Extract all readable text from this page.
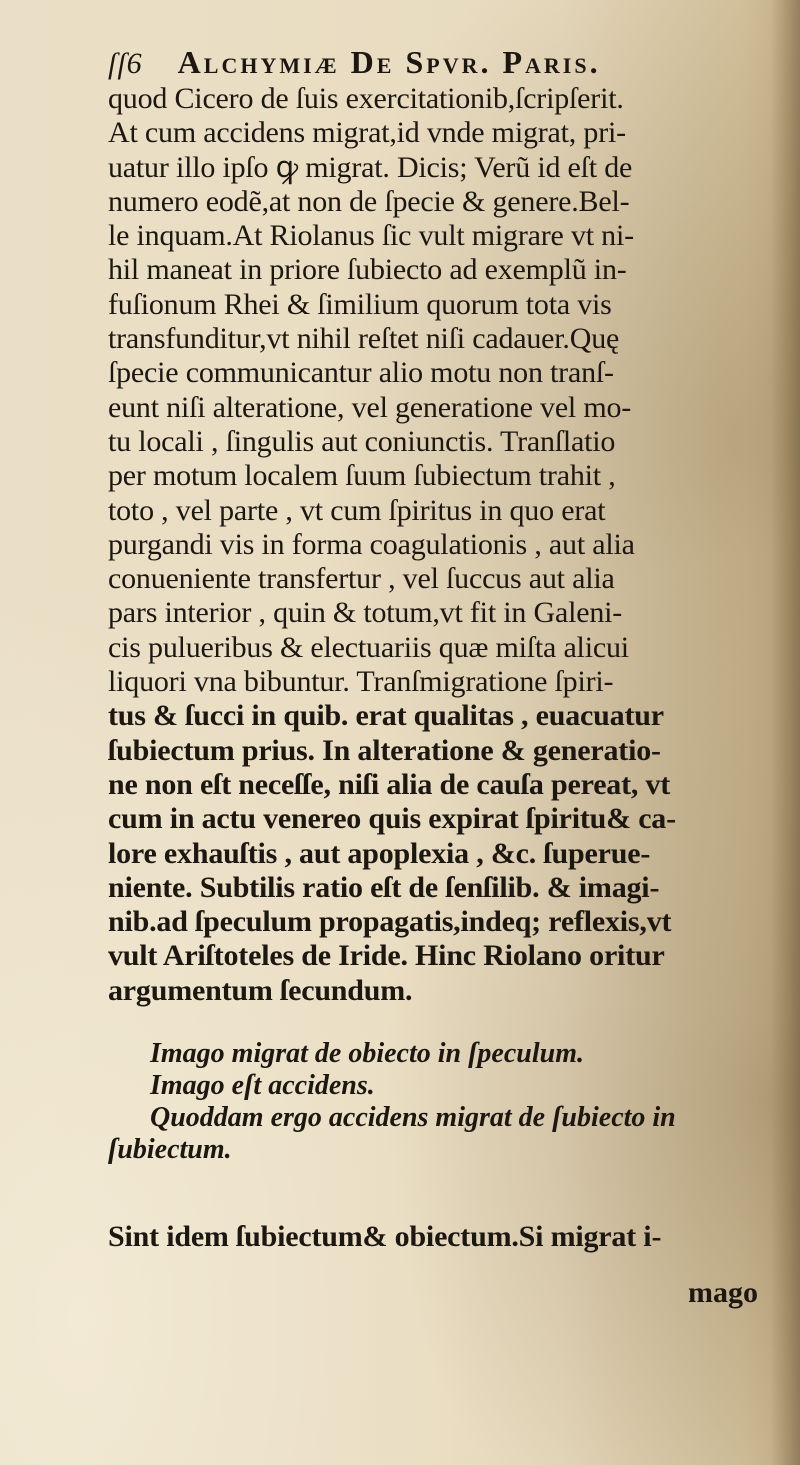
ſſ6 Alchymiæ De Spvr. Paris.
quod Cicero de ſuis exercitationib,ſcripſerit.
At cum accidens migrat,id vnde migrat, pri-
uatur illo ipſo ꝙ migrat. Dicis; Verũ id eſt de
numero eodẽ,at non de ſpecie & genere.Bel-
le inquam.At Riolanus ſic vult migrare vt ni-
hil maneat in priore ſubiecto ad exemplũ in-
fuſionum Rhei & ſimilium quorum tota vis
transfunditur,vt nihil reſtet niſi cadauer.Quę
ſpecie communicantur alio motu non tranſ-
eunt niſi alteratione, vel generatione vel mo-
tu locali , ſingulis aut coniunctis. Tranſlatio
per motum localem ſuum ſubiectum trahit ,
toto , vel parte , vt cum ſpiritus in quo erat
purgandi vis in forma coagulationis , aut alia
conueniente transfertur , vel ſuccus aut alia
pars interior , quin & totum,vt fit in Galeni-
cis pulueribus & electuariis quæ miſta alicui
liquori vna bibuntur. Tranſmigratione ſpiri-
tus & ſucci in quib. erat qualitas , euacuatur
ſubiectum prius. In alteratione & generatio-
ne non eſt neceſſe, niſi alia de cauſa pereat, vt
cum in actu venereo quis expirat ſpiritu& ca-
lore exhauſtis , aut apoplexia , &c. ſuperue-
niente. Subtilis ratio eſt de ſenſilib. & imagi-
nib.ad ſpeculum propagatis,indeq; reflexis,vt
vult Ariſtoteles de Iride. Hinc Riolano oritur
argumentum ſecundum.
Imago migrat de obiecto in ſpeculum.
Imago eſt accidens.
Quoddam ergo accidens migrat de ſubiecto in
ſubiectum.
Sint idem ſubiectum& obiectum.Si migrat i-
mago
